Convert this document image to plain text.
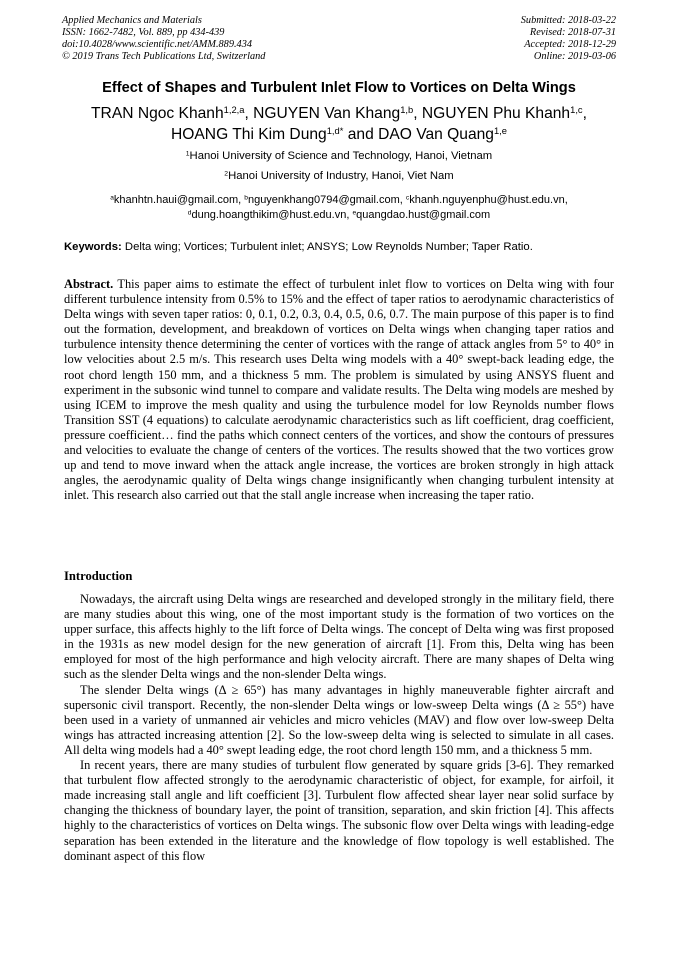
Applied Mechanics and Materials
ISSN: 1662-7482, Vol. 889, pp 434-439
doi:10.4028/www.scientific.net/AMM.889.434
© 2019 Trans Tech Publications Ltd, Switzerland
Submitted: 2018-03-22
Revised: 2018-07-31
Accepted: 2018-12-29
Online: 2019-03-06
Effect of Shapes and Turbulent Inlet Flow to Vortices on Delta Wings
TRAN Ngoc Khanh$^{1,2,a}$, NGUYEN Van Khang$^{1,b}$, NGUYEN Phu Khanh$^{1,c}$,
HOANG Thi Kim Dung$^{1,d*}$ and DAO Van Quang$^{1,e}$
$^1$Hanoi University of Science and Technology, Hanoi, Vietnam
$^2$Hanoi University of Industry, Hanoi, Viet Nam
$^a$khanhtn.haui@gmail.com, $^b$nguyenkhang0794@gmail.com, $^c$khanh.nguyenphu@hust.edu.vn,
$^d$dung.hoangthikim@hust.edu.vn, $^e$quangdao.hust@gmail.com
Keywords: Delta wing; Vortices; Turbulent inlet; ANSYS; Low Reynolds Number; Taper Ratio.
Abstract. This paper aims to estimate the effect of turbulent inlet flow to vortices on Delta wing with four different turbulence intensity from 0.5% to 15% and the effect of taper ratios to aerodynamic characteristics of Delta wings with seven taper ratios: 0, 0.1, 0.2, 0.3, 0.4, 0.5, 0.6, 0.7. The main purpose of this paper is to find out the formation, development, and breakdown of vortices on Delta wings when changing taper ratios and turbulence intensity thence determining the center of vortices with the range of attack angles from 5° to 40° in low velocities about 2.5 m/s. This research uses Delta wing models with a 40° swept-back leading edge, the root chord length 150 mm, and a thickness 5 mm. The problem is simulated by using ANSYS fluent and experiment in the subsonic wind tunnel to compare and validate results. The Delta wing models are meshed by using ICEM to improve the mesh quality and using the turbulence model for low Reynolds number flows Transition SST (4 equations) to calculate aerodynamic characteristics such as lift coefficient, drag coefficient, pressure coefficient… find the paths which connect centers of the vortices, and show the contours of pressures and velocities to evaluate the change of centers of the vortices. The results showed that the two vortices grow up and tend to move inward when the attack angle increase, the vortices are broken strongly in high attack angles, the aerodynamic quality of Delta wings change insignificantly when changing turbulent intensity at inlet. This research also carried out that the stall angle increase when increasing the taper ratio.
Introduction

Nowadays, the aircraft using Delta wings are researched and developed strongly in the military field, there are many studies about this wing, one of the most important study is the formation of two vortices on the upper surface, this affects highly to the lift force of Delta wings. The concept of Delta wing was first proposed in the 1931s as new model design for the new generation of aircraft [1]. From this, Delta wing has been employed for most of the high performance and high velocity aircraft. There are many shapes of Delta wing such as the slender Delta wings and the non-slender Delta wings.

The slender Delta wings (Δ ≥ 65°) has many advantages in highly maneuverable fighter aircraft and supersonic civil transport. Recently, the non-slender Delta wings or low-sweep Delta wings (Δ ≥ 55°) have been used in a variety of unmanned air vehicles and micro vehicles (MAV) and flow over low-sweep Delta wings has attracted increasing attention [2]. So the low-sweep delta wing is selected to simulate in all cases. All delta wing models had a 40° swept leading edge, the root chord length 150 mm, and a thickness 5 mm.

In recent years, there are many studies of turbulent flow generated by square grids [3-6]. They remarked that turbulent flow affected strongly to the aerodynamic characteristic of object, for example, for airfoil, it made increasing stall angle and lift coefficient [3]. Turbulent flow affected shear layer near solid surface by changing the thickness of boundary layer, the point of transition, separation, and skin friction [4]. This affects highly to the characteristics of vortices on Delta wings. The subsonic flow over Delta wings with leading-edge separation has been extended in the literature and the knowledge of flow topology is well established. The dominant aspect of this flow
